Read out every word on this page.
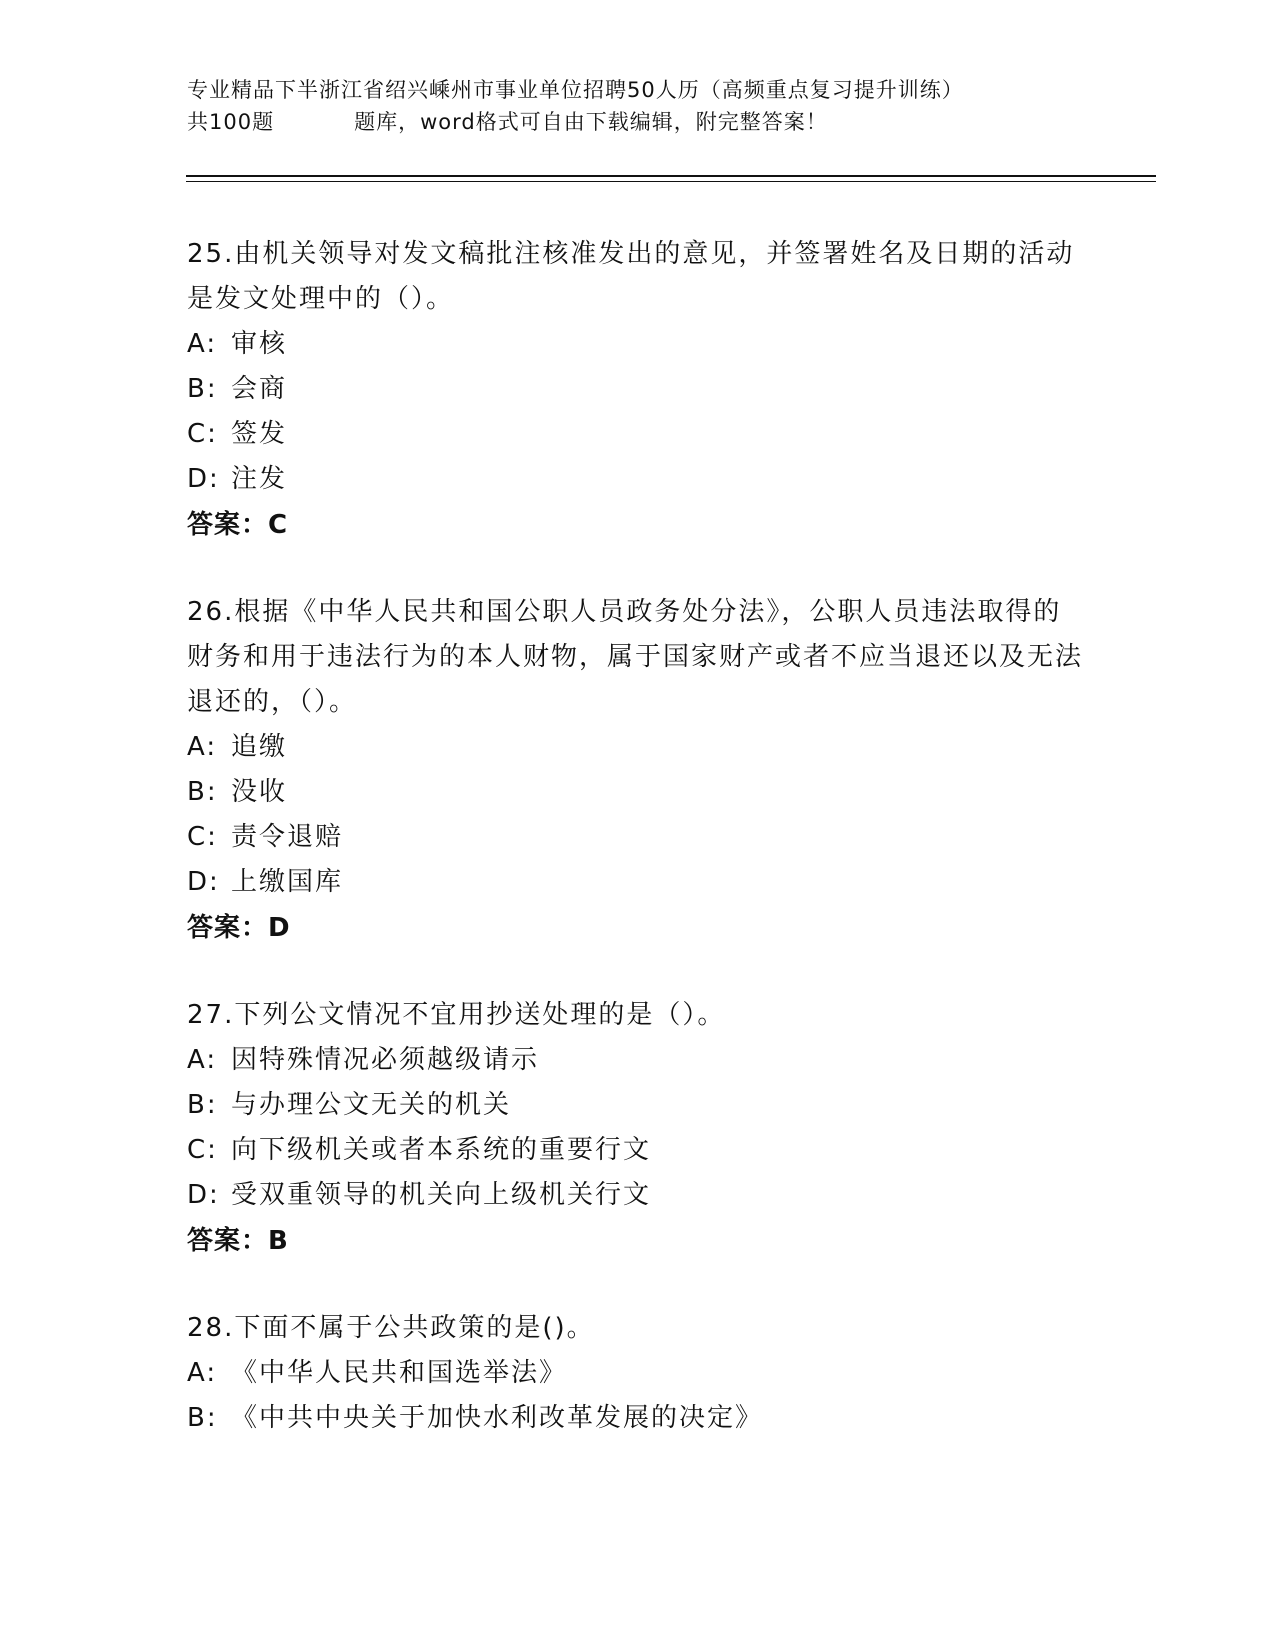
专业精品下半浙江省绍兴嵊州市事业单位招聘50人历（高频重点复习提升训练）
共100题	题库，word格式可自由下载编辑，附完整答案！
25.由机关领导对发文稿批注核准发出的意见，并签署姓名及日期的活动是发文处理中的（）。
A: 审核
B: 会商
C: 签发
D: 注发
答案：C
26.根据《中华人民共和国公职人员政务处分法》，公职人员违法取得的财务和用于违法行为的本人财物，属于国家财产或者不应当退还以及无法退还的，（）。
A: 追缴
B: 没收
C: 责令退赔
D: 上缴国库
答案：D
27.下列公文情况不宜用抄送处理的是（）。
A: 因特殊情况必须越级请示
B: 与办理公文无关的机关
C: 向下级机关或者本系统的重要行文
D: 受双重领导的机关向上级机关行文
答案：B
28.下面不属于公共政策的是()。
A: 《中华人民共和国选举法》
B: 《中共中央关于加快水利改革发展的决定》
